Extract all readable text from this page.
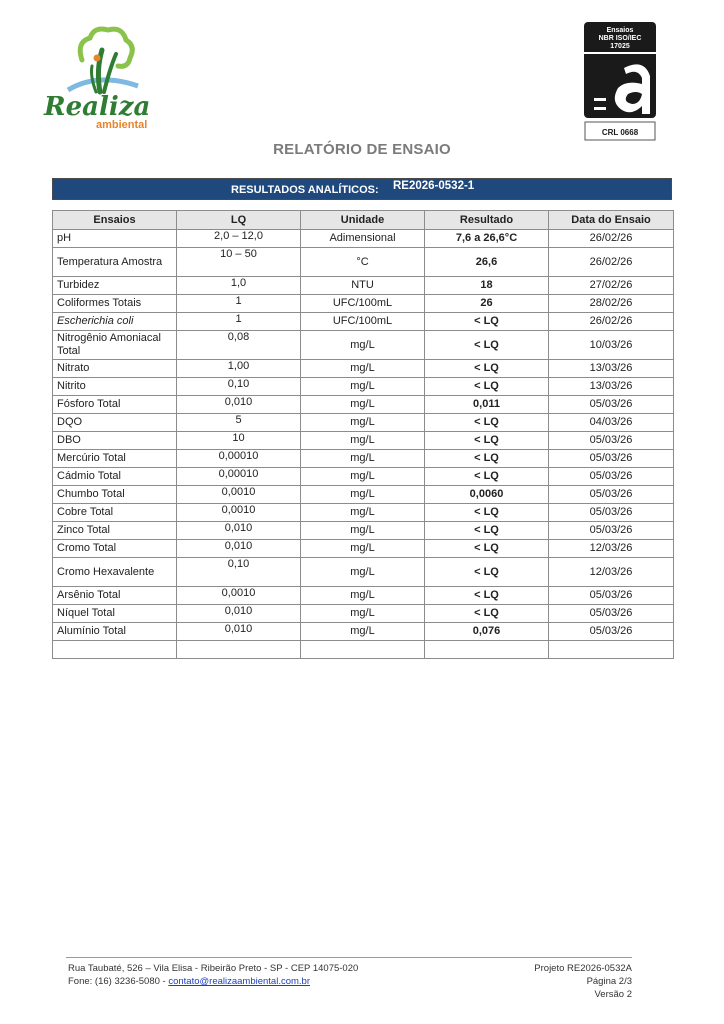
Realiza
ambiental
Ensaios
NBR ISO/IEC
17025
CRL 0668
RELATÓRIO DE ENSAIO
RESULTADOS ANALÍTICOS: RE2026-0532-1
Ensaios	LQ	Unidade	Resultado	Data do Ensaio
pH	2,0 – 12,0	Adimensional	7,6 a 26,6°C	26/02/26
Temperatura Amostra	10 – 50	°C	26,6	26/02/26
Turbidez	1,0	NTU	18	27/02/26
Coliformes Totais	1	UFC/100mL	26	28/02/26
Escherichia coli	1	UFC/100mL	< LQ	26/02/26
Nitrogênio Amoniacal Total	0,08	mg/L	< LQ	10/03/26
Nitrato	1,00	mg/L	< LQ	13/03/26
Nitrito	0,10	mg/L	< LQ	13/03/26
Fósforo Total	0,010	mg/L	0,011	05/03/26
DQO	5	mg/L	< LQ	04/03/26
DBO	10	mg/L	< LQ	05/03/26
Mercúrio Total	0,00010	mg/L	< LQ	05/03/26
Cádmio Total	0,00010	mg/L	< LQ	05/03/26
Chumbo Total	0,0010	mg/L	0,0060	05/03/26
Cobre Total	0,0010	mg/L	< LQ	05/03/26
Zinco Total	0,010	mg/L	< LQ	05/03/26
Cromo Total	0,010	mg/L	< LQ	12/03/26
Cromo Hexavalente	0,10	mg/L	< LQ	12/03/26
Arsênio Total	0,0010	mg/L	< LQ	05/03/26
Níquel Total	0,010	mg/L	< LQ	05/03/26
Alumínio Total	0,010	mg/L	0,076	05/03/26

Rua Taubaté, 526 – Vila Elisa - Ribeirão Preto - SP - CEP 14075-020
Fone: (16) 3236-5080 - contato@realizaambiental.com.br
Projeto RE2026-0532A
Página 2/3
Versão 2
